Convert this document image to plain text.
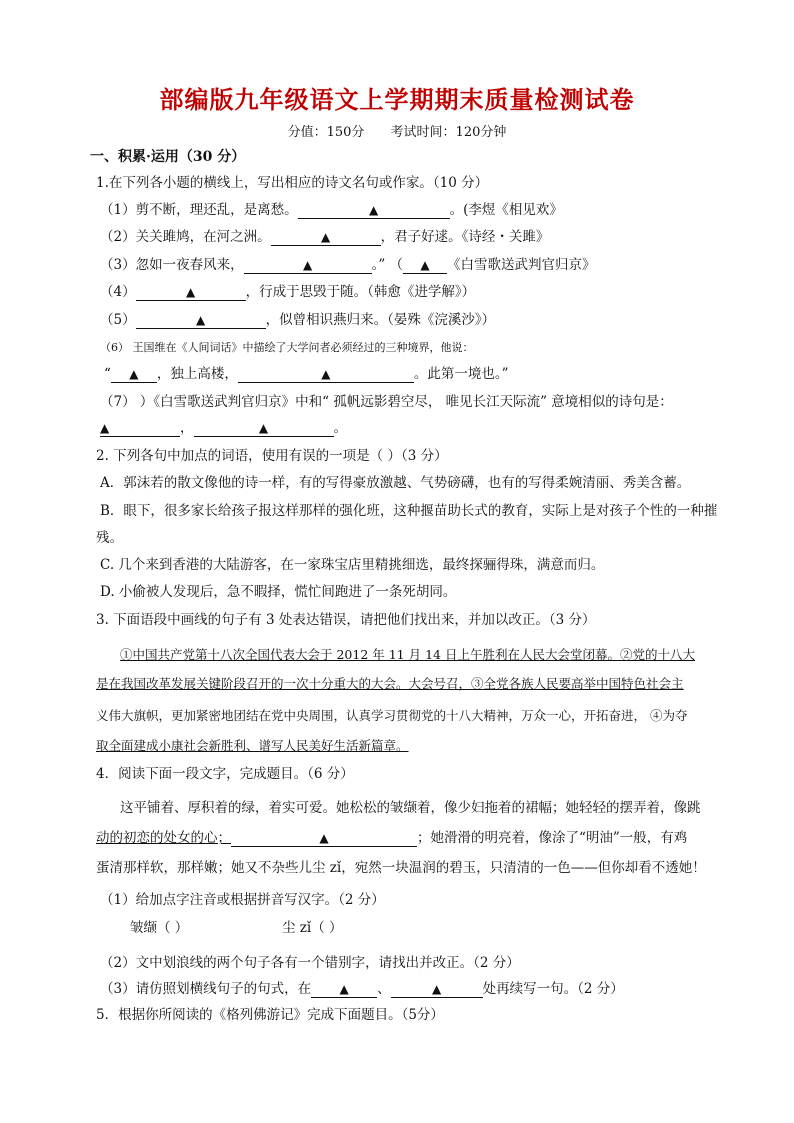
部编版九年级语文上学期期末质量检测试卷
分值：150分 考试时间：120分钟
一、积累·运用（30 分）
1.在下列各小题的横线上，写出相应的诗文名句或作家。（10 分）
（1）剪不断，理还乱，是离愁。	▲	。(李煜《相见欢》
（2）关关雎鸠，在河之洲。	▲	，君子好逑。《诗经・关雎》
（3）忽如一夜春风来，	▲	。” （ ▲ 《白雪歌送武判官归京》
（4）	▲	，行成于思毁于随。（韩愈《进学解》）
（5）	▲	，似曾相识燕归来。（晏殊《浣溪沙》）
（6） 王国维在《人间词话》中描绘了大学问者必须经过的三种境界，他说：
“ ▲ ，独上高楼，	▲	。此第一境也。”
（7） ）《白雪歌送武判官归京》中和“ 孤帆远影碧空尽， 唯见长江天际流” 意境相似的诗句是：
▲	，	▲	。
2. 下列各句中加点的词语，使用有误的一项是（ ）（3 分）
A．郭沫若的散文像他的诗一样，有的写得豪放激越、气势磅礴，也有的写得柔婉清丽、秀美含蓄。
B．眼下，很多家长给孩子报这样那样的强化班，这种揠苗助长式的教育，实际上是对孩子个性的一种摧
残。
C. 几个来到香港的大陆游客，在一家珠宝店里精挑细选，最终探骊得珠，满意而归。
D. 小偷被人发现后，急不暇择，慌忙间跑进了一条死胡同。
3. 下面语段中画线的句子有 3 处表达错误，请把他们找出来，并加以改正。（3 分）
①中国共产党第十八次全国代表大会于 2012 年 11 月 14 日上午胜利在人民大会堂闭幕。②党的十八大
是在我国改革发展关键阶段召开的一次十分重大的大会。大会号召，③全党各族人民要高举中国特色社会主
义伟大旗帜，更加紧密地团结在党中央周围，认真学习贯彻党的十八大精神，万众一心，开拓奋进， ④为夺
取全面建成小康社会新胜利、谱写人民美好生活新篇章。
4．阅读下面一段文字，完成题目。（6 分）
这平铺着、厚积着的绿，着实可爱。她松松的皱缬着，像少妇拖着的裙幅；她轻轻的摆弄着，像跳
动的初恋的处女的心；	▲	；她滑滑的明亮着，像涂了“明油”一般，有鸡
蛋清那样软，那样嫩；她又不杂些儿尘 zǐ，宛然一块温润的碧玉，只清清的一色——但你却看不透她！
（1）给加点字注音或根据拼音写汉字。（2 分）
皱缬（ ）	尘 zǐ（ ）
（2）文中划浪线的两个句子各有一个错别字，请找出并改正。（2 分）
（3）请仿照划横线句子的句式，在 ▲ 、	▲	处再续写一句。（2 分）
5．根据你所阅读的《格列佛游记》完成下面题目。（5分）
